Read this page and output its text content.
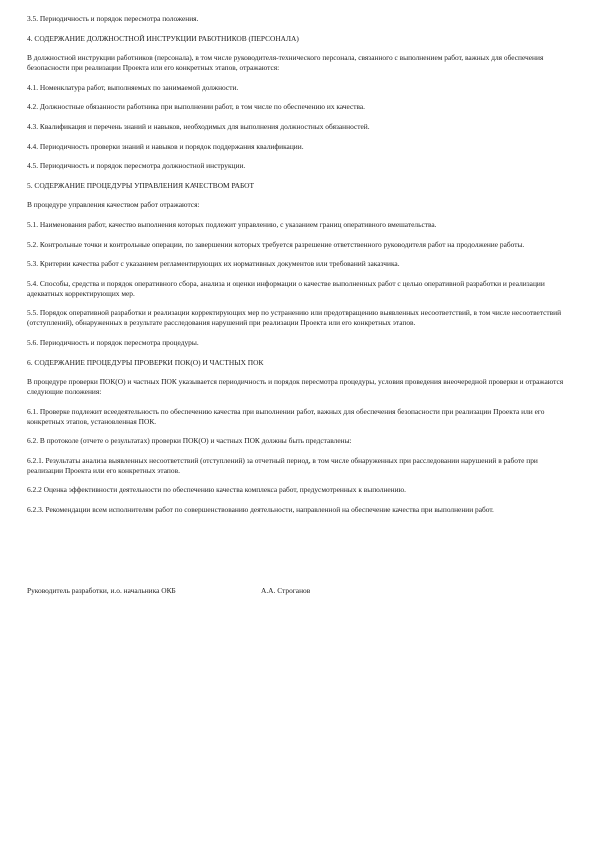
3.5. Периодичность и порядок пересмотра положения.

4. СОДЕРЖАНИЕ ДОЛЖНОСТНОЙ ИНСТРУКЦИИ РАБОТНИКОВ (ПЕРСОНАЛА)

В должностной инструкции работников (персонала), в том числе руководителя-технического персонала, связанного с выполнением работ, важных для обеспечения безопасности при реализации Проекта или его конкретных этапов, отражаются:

4.1. Номенклатура работ, выполняемых по занимаемой должности.

4.2. Должностные обязанности работника при выполнении работ, в том числе по обеспечению их качества.

4.3. Квалификация и перечень знаний и навыков, необходимых для выполнения должностных обязанностей.

4.4. Периодичность проверки знаний и навыков и порядок поддержания квалификации.

4.5. Периодичность и порядок пересмотра должностной инструкции.

5. СОДЕРЖАНИЕ ПРОЦЕДУРЫ УПРАВЛЕНИЯ КАЧЕСТВОМ РАБОТ

В процедуре управления качеством работ отражаются:

5.1. Наименования работ, качество выполнения которых подлежит управлению, с указанием границ оперативного вмешательства.

5.2. Контрольные точки и контрольные операции, по завершении которых требуется разрешение ответственного руководителя работ на продолжение работы.

5.3. Критерии качества работ с указанием регламентирующих их нормативных документов или требований заказчика.

5.4. Способы, средства и порядок оперативного сбора, анализа и оценки информации о качестве выполненных работ с целью оперативной разработки и реализации адекватных корректирующих мер.

5.5. Порядок оперативной разработки и реализации корректирующих мер по устранению или предотвращению выявленных несоответствий, в том числе несоответствий (отступлений), обнаруженных в результате расследования нарушений при реализации Проекта или его конкретных этапов.

5.6. Периодичность и порядок пересмотра процедуры.

6. СОДЕРЖАНИЕ ПРОЦЕДУРЫ ПРОВЕРКИ ПОК(О) И ЧАСТНЫХ ПОК

В процедуре проверки ПОК(О) и частных ПОК указывается периодичность и порядок пересмотра процедуры, условия проведения внеочередной проверки и отражаются следующие положения:

6.1. Проверке подлежит всеедеятельность по обеспечению качества при выполнении работ, важных для обеспечения безопасности при реализации Проекта или его конкретных этапов, установленная ПОК.

6.2. В протоколе (отчете о результатах) проверки ПОК(О) и частных ПОК должны быть представлены:

6.2.1. Результаты анализа выявленных несоответствий (отступлений) за отчетный период, в том числе обнаруженных при расследовании нарушений в работе при реализации Проекта или его конкретных этапов.

6.2.2 Оценка эффективности деятельности по обеспечению качества комплекса работ, предусмотренных к выполнению.

6.2.3. Рекомендации всем исполнителям работ по совершенствованию деятельности, направленной на обеспечение качества при выполнении работ.

Руководитель разработки, и.о. начальника ОКБ	А.А. Строганов
